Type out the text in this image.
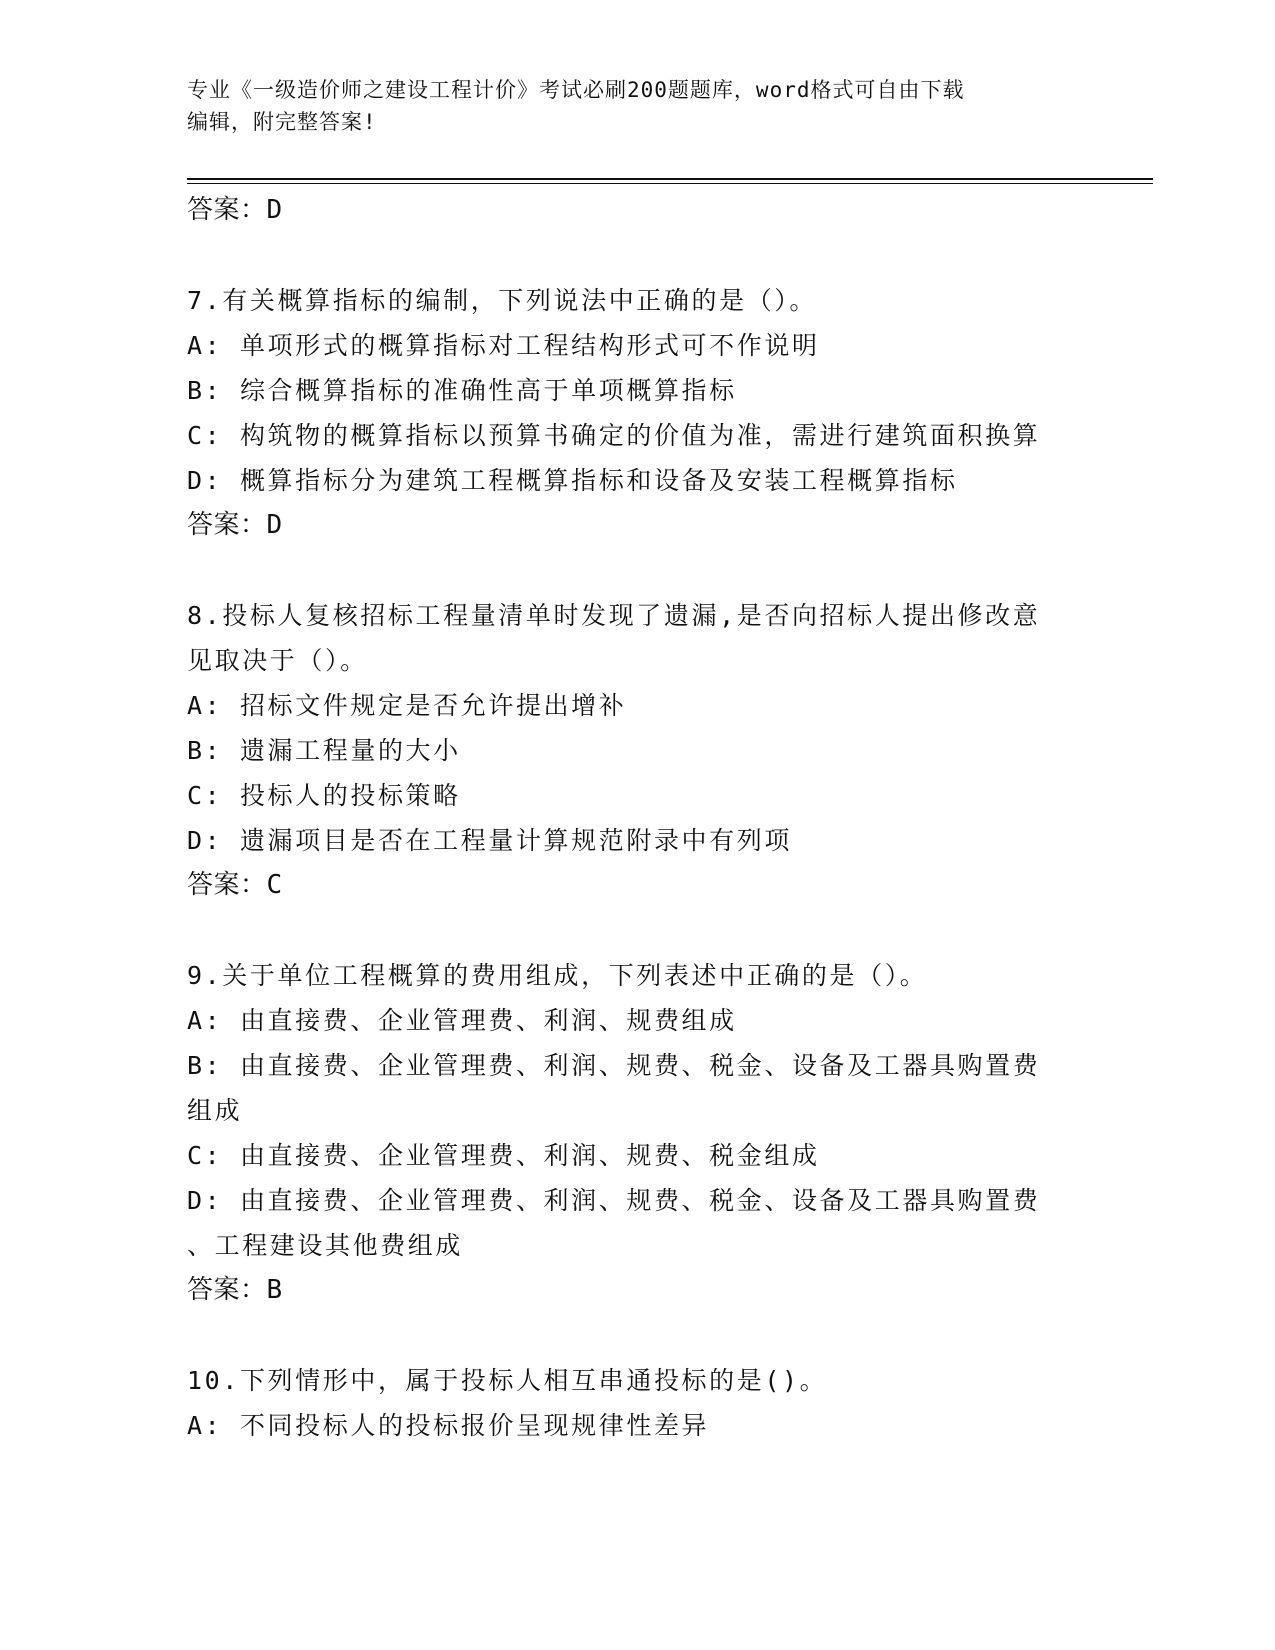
专业《一级造价师之建设工程计价》考试必刷200题题库，word格式可自由下载
编辑，附完整答案!
答案：D
7.有关概算指标的编制，下列说法中正确的是（）。
A: 单项形式的概算指标对工程结构形式可不作说明
B: 综合概算指标的准确性高于单项概算指标
C: 构筑物的概算指标以预算书确定的价值为准，需进行建筑面积换算
D: 概算指标分为建筑工程概算指标和设备及安装工程概算指标
答案：D
8.投标人复核招标工程量清单时发现了遗漏,是否向招标人提出修改意
见取决于（）。
A: 招标文件规定是否允许提出增补
B: 遗漏工程量的大小
C: 投标人的投标策略
D: 遗漏项目是否在工程量计算规范附录中有列项
答案：C
9.关于单位工程概算的费用组成，下列表述中正确的是（）。
A: 由直接费、企业管理费、利润、规费组成
B: 由直接费、企业管理费、利润、规费、税金、设备及工器具购置费
组成
C: 由直接费、企业管理费、利润、规费、税金组成
D: 由直接费、企业管理费、利润、规费、税金、设备及工器具购置费
、工程建设其他费组成
答案：B
10.下列情形中，属于投标人相互串通投标的是()。
A: 不同投标人的投标报价呈现规律性差异
